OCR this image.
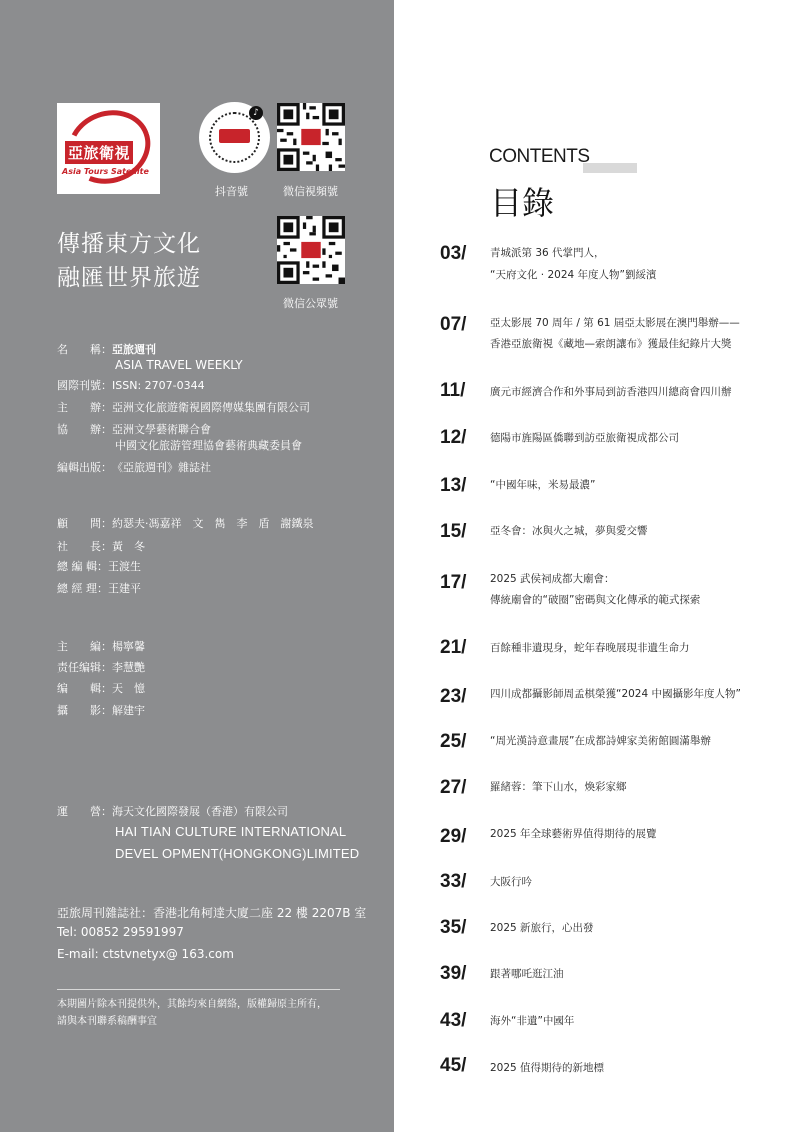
亞旅衛視
Asia Tours Satellite
♪
抖音號	微信視頻號
傳播東方文化
融匯世界旅遊
微信公眾號
名　　稱：亞旅週刊
ASIA TRAVEL WEEKLY
國際刊號：ISSN: 2707-0344
主　　辦：亞洲文化旅遊衛視國際傳媒集團有限公司
協　　辦：亞洲文學藝術聯合會
中國文化旅游管理協會藝術典藏委員會
編輯出版：《亞旅週刊》雜誌社
顧　　問：約瑟夫·馮嘉祥　文　雋　李　盾　謝鐵泉
社　　長：黃　冬
總 編 輯：王渡生
總 經 理：王建平
主　　編：楊寧馨
责任编辑：李慧艷
编　　輯：天　憶
攝　　影：解建宇
運　　營：海天文化國際發展（香港）有限公司
HAI TIAN CULTURE INTERNATIONAL
DEVEL OPMENT(HONGKONG)LIMITED
亞旅周刊雜誌社：香港北角柯達大廈二座 22 樓 2207B 室
Tel: 00852 29591997
E-mail: ctstvnetyx@ 163.com
本期圖片除本刊提供外，其餘均來自網絡，版權歸原主所有，
請與本刊聯系稿酬事宜
CONTENTS
目錄
03/ 青城派第 36 代掌門人，
“天府文化 · 2024 年度人物”劉綏濱
07/ 亞太影展 70 周年 / 第 61 屆亞太影展在澳門舉辦——
香港亞旅衛視《藏地—索朗讓布》獲最佳紀錄片大獎
11/ 廣元市經濟合作和外事局到訪香港四川總商會四川辦
12/ 德陽市旌陽區僑聯到訪亞旅衛視成都公司
13/ “中國年味，米易最濃”
15/ 亞冬會：冰與火之城，夢與愛交響
17/ 2025 武侯祠成都大廟會：
傳統廟會的“破圈”密碼與文化傳承的範式探索
21/ 百餘種非遺現身，蛇年春晚展現非遺生命力
23/ 四川成都攝影師周孟棋榮獲“2024 中國攝影年度人物”
25/ “周光漢詩意畫展”在成都詩婢家美術館圓滿舉辦
27/ 羅緒蓉：筆下山水，煥彩家鄉
29/ 2025 年全球藝術界值得期待的展覽
33/ 大阪行吟
35/ 2025 新旅行，心出發
39/ 跟著哪吒逛江油
43/ 海外“非遺”中國年
45/ 2025 值得期待的新地標
